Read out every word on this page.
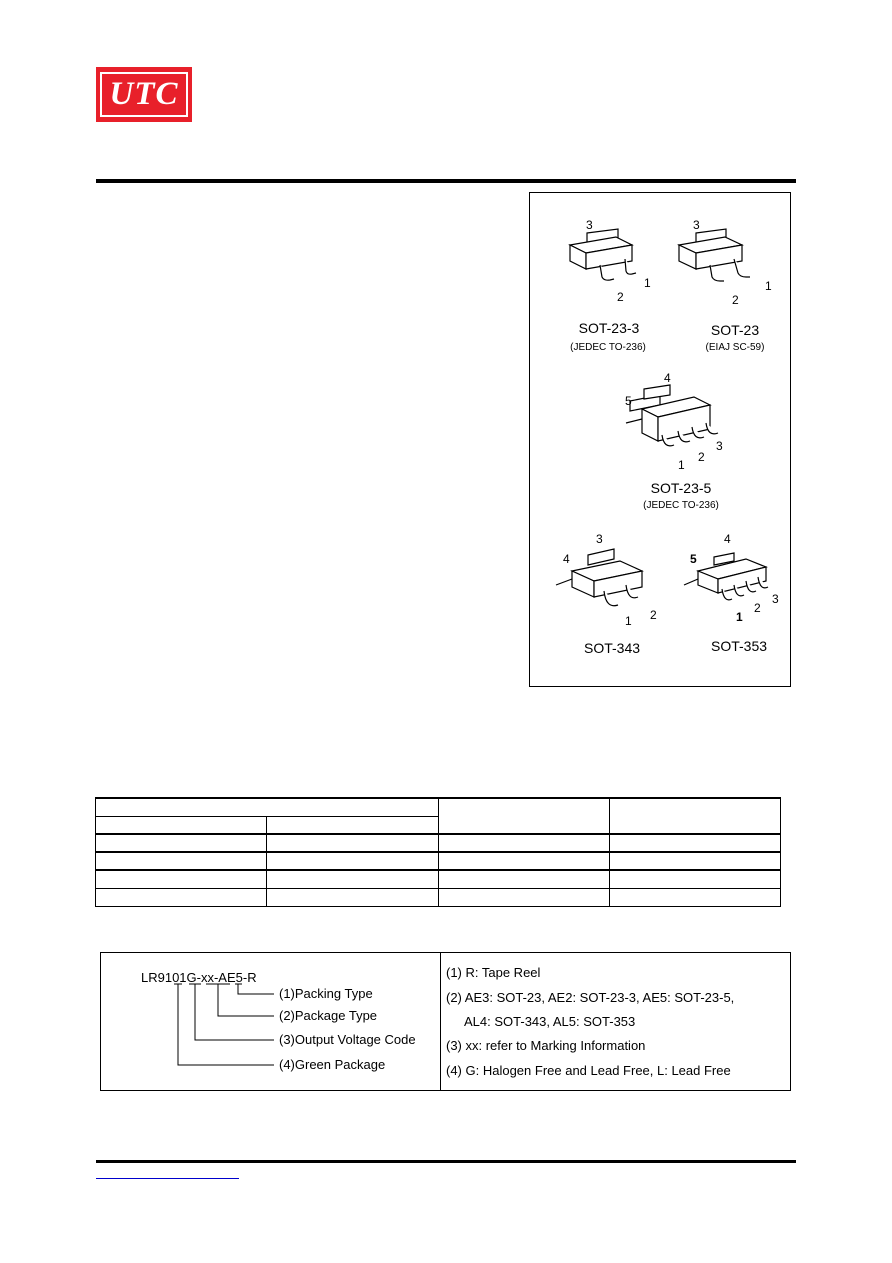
UTC
3
2
1
3
2
1
4
5
1
2
3
3
4
1 2
4
5
1
2
3
SOT-23-3	SOT-23
SOT-23-5
SOT-343	SOT-353
(JEDEC TO-236)	(EIAJ SC-59)
(JEDEC TO-236)

LR9101G-xx-AE5-R
(1)Packing Type
(2)Package Type
(3)Output Voltage Code
(4)Green Package
(1) R: Tape Reel
(2) AE3: SOT-23, AE2: SOT-23-3, AE5: SOT-23-5,
AL4: SOT-343, AL5: SOT-353
(3) xx: refer to Marking Information
(4) G: Halogen Free and Lead Free, L: Lead Free
